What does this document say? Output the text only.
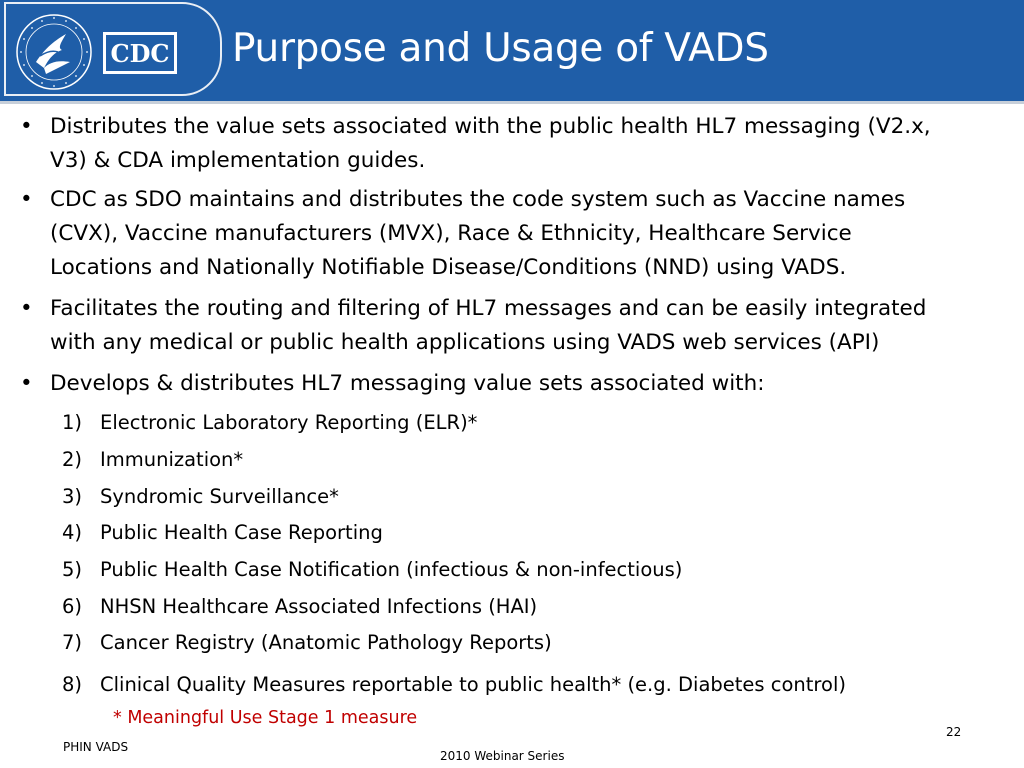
CDC Purpose and Usage of VADS
• Distributes the value sets associated with the public health HL7 messaging (V2.x,
V3) & CDA implementation guides.
• CDC as SDO maintains and distributes the code system such as Vaccine names
(CVX), Vaccine manufacturers (MVX), Race & Ethnicity, Healthcare Service
Locations and Nationally Notifiable Disease/Conditions (NND) using VADS.
• Facilitates the routing and filtering of HL7 messages and can be easily integrated
with any medical or public health applications using VADS web services (API)
• Develops & distributes HL7 messaging value sets associated with:
1) Electronic Laboratory Reporting (ELR)*
2) Immunization*
3) Syndromic Surveillance*
4) Public Health Case Reporting
5) Public Health Case Notification (infectious & non-infectious)
6) NHSN Healthcare Associated Infections (HAI)
7) Cancer Registry (Anatomic Pathology Reports)
8) Clinical Quality Measures reportable to public health* (e.g. Diabetes control)
* Meaningful Use Stage 1 measure
PHIN VADS
2010 Webinar Series
22
